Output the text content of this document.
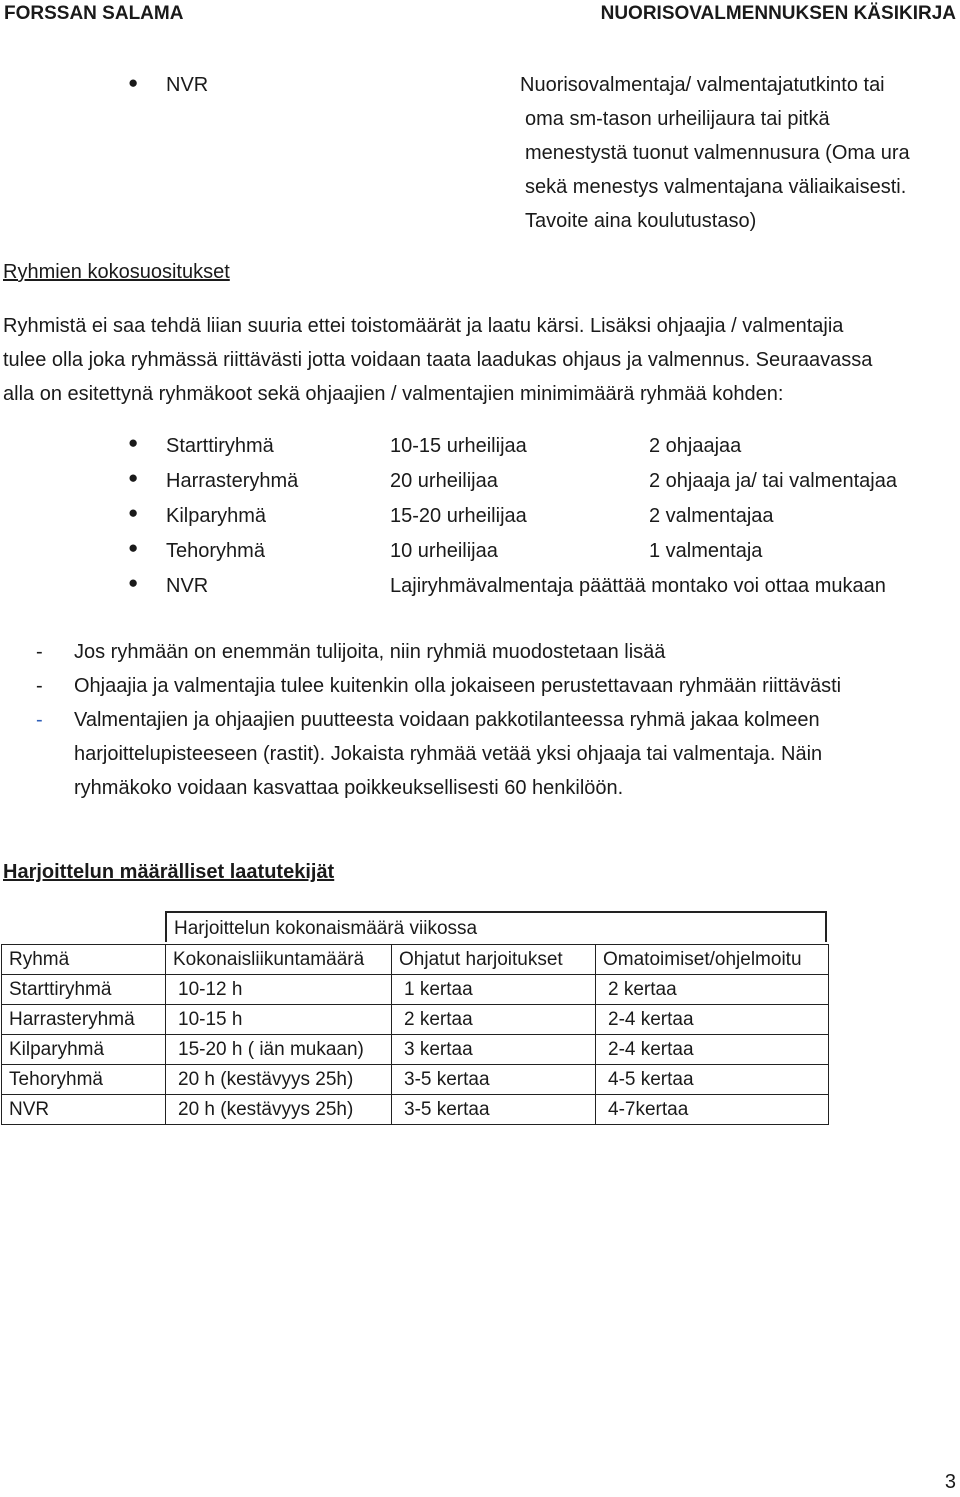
FORSSAN SALAMA	NUORISOVALMENNUKSEN KÄSIKIRJA
● NVR	Nuorisovalmentaja/ valmentajatutkinto tai
oma sm-tason urheilijaura tai pitkä
menestystä tuonut valmennusura (Oma ura
sekä menestys valmentajana väliaikaisesti.
Tavoite aina koulutustaso)
Ryhmien kokosuositukset
Ryhmistä ei saa tehdä liian suuria ettei toistomäärät ja laatu kärsi. Lisäksi ohjaajia / valmentajia
tulee olla joka ryhmässä riittävästi jotta voidaan taata laadukas ohjaus ja valmennus. Seuraavassa
alla on esitettynä ryhmäkoot sekä ohjaajien / valmentajien minimimäärä ryhmää kohden:
● Starttiryhmä	10-15 urheilijaa	2 ohjaajaa
● Harrasteryhmä	20 urheilijaa	2 ohjaaja ja/ tai valmentajaa
● Kilparyhmä	15-20 urheilijaa	2 valmentajaa
● Tehoryhmä	10 urheilijaa	1 valmentaja
● NVR	Lajiryhmävalmentaja päättää montako voi ottaa mukaan
- Jos ryhmään on enemmän tulijoita, niin ryhmiä muodostetaan lisää
- Ohjaajia ja valmentajia tulee kuitenkin olla jokaiseen perustettavaan ryhmään riittävästi
- Valmentajien ja ohjaajien puutteesta voidaan pakkotilanteessa ryhmä jakaa kolmeen
harjoittelupisteeseen (rastit). Jokaista ryhmää vetää yksi ohjaaja tai valmentaja. Näin
ryhmäkoko voidaan kasvattaa poikkeuksellisesti 60 henkilöön.
Harjoittelun määrälliset laatutekijät
Harjoittelun kokonaismäärä viikossa
Ryhmä	Kokonaisliikuntamäärä	Ohjatut harjoitukset	Omatoimiset/ohjelmoitu
Starttiryhmä	10-12 h	1 kertaa	2 kertaa
Harrasteryhmä	10-15 h	2 kertaa	2-4 kertaa
Kilparyhmä	15-20 h ( iän mukaan)	3 kertaa	2-4 kertaa
Tehoryhmä	20 h (kestävyys 25h)	3-5 kertaa	4-5 kertaa
NVR	20 h (kestävyys 25h)	3-5 kertaa	4-7kertaa
3
